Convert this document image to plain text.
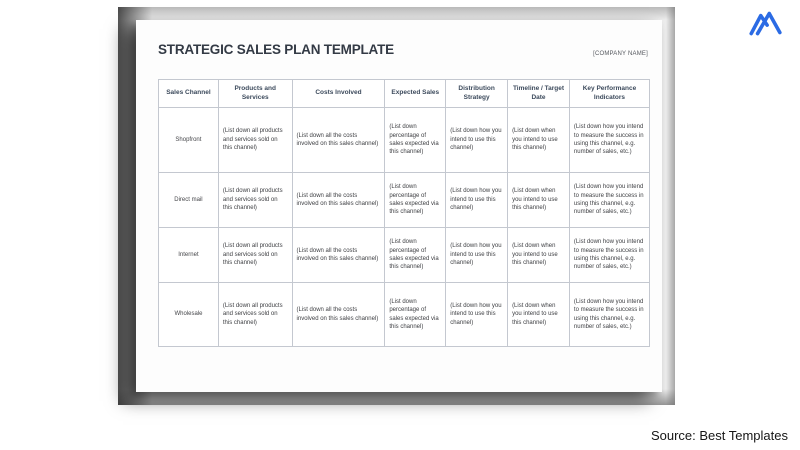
STRATEGIC SALES PLAN TEMPLATE	[COMPANY NAME]
Sales Channel	Products and Services	Costs Involved	Expected Sales	Distribution Strategy	Timeline / Target Date	Key Performance Indicators
Shopfront	(List down all products and services sold on this channel)	(List down all the costs involved on this sales channel)	(List down percentage of sales expected via this channel)	(List down how you intend to use this channel)	(List down when you intend to use this channel)	(List down how you intend to measure the success in using this channel, e.g. number of sales, etc.)
Direct mail	(List down all products and services sold on this channel)	(List down all the costs involved on this sales channel)	(List down percentage of sales expected via this channel)	(List down how you intend to use this channel)	(List down when you intend to use this channel)	(List down how you intend to measure the success in using this channel, e.g. number of sales, etc.)
Internet	(List down all products and services sold on this channel)	(List down all the costs involved on this sales channel)	(List down percentage of sales expected via this channel)	(List down how you intend to use this channel)	(List down when you intend to use this channel)	(List down how you intend to measure the success in using this channel, e.g. number of sales, etc.)
Wholesale	(List down all products and services sold on this channel)	(List down all the costs involved on this sales channel)	(List down percentage of sales expected via this channel)	(List down how you intend to use this channel)	(List down when you intend to use this channel)	(List down how you intend to measure the success in using this channel, e.g. number of sales, etc.)
Source: Best Templates
